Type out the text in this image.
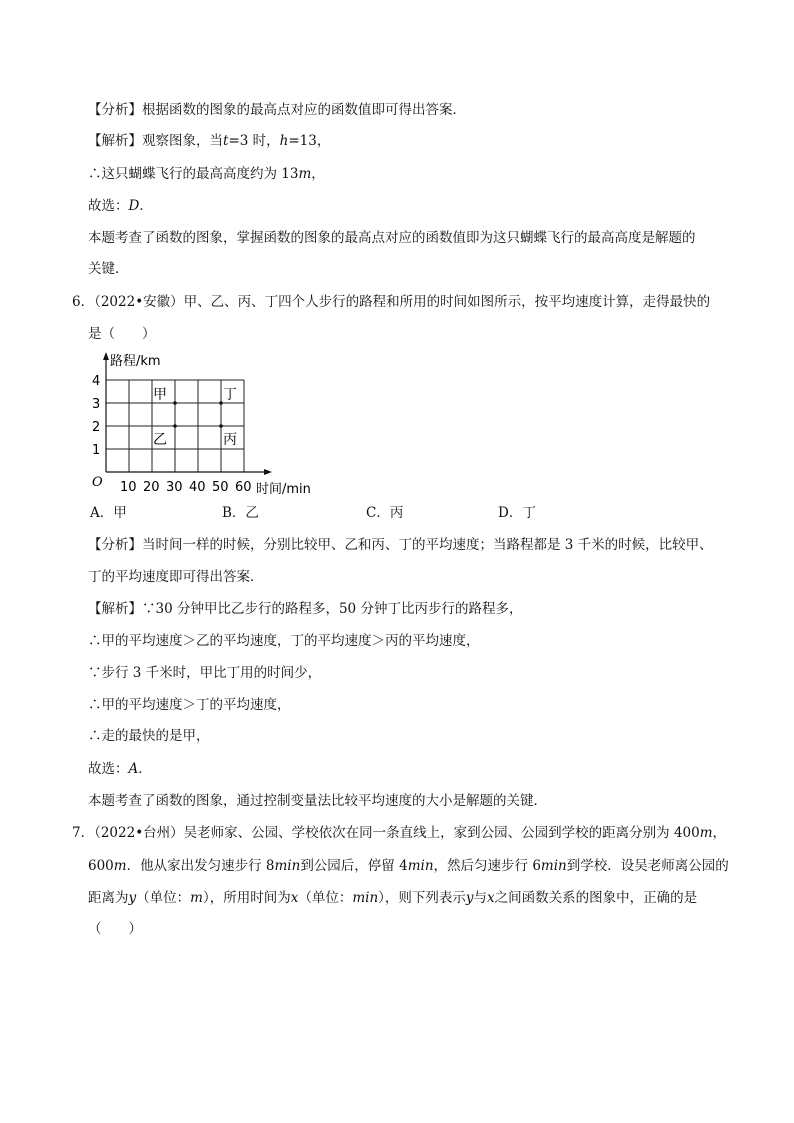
【分析】根据函数的图象的最高点对应的函数值即可得出答案．
【解析】观察图象，当t=3 时，h=13，
∴这只蝴蝶飞行的最高高度约为 13m，
故选：D．
本题考查了函数的图象，掌握函数的图象的最高点对应的函数值即为这只蝴蝶飞行的最高高度是解题的
关键．
6．（2022•安徽）甲、乙、丙、丁四个人步行的路程和所用的时间如图所示，按平均速度计算，走得最快的
是（　　）
路程/km
时间/min
O 10 20 30 40 50 60
1
2
3
4
甲
乙	丙
丁
A．甲	B．乙	C．丙	D．丁
【分析】当时间一样的时候，分别比较甲、乙和丙、丁的平均速度；当路程都是 3 千米的时候，比较甲、
丁的平均速度即可得出答案．
【解析】∵30 分钟甲比乙步行的路程多，50 分钟丁比丙步行的路程多，
∴甲的平均速度＞乙的平均速度，丁的平均速度＞丙的平均速度，
∵步行 3 千米时，甲比丁用的时间少，
∴甲的平均速度＞丁的平均速度，
∴走的最快的是甲，
故选：A．
本题考查了函数的图象，通过控制变量法比较平均速度的大小是解题的关键．
7．（2022•台州）吴老师家、公园、学校依次在同一条直线上，家到公园、公园到学校的距离分别为 400m，
600m．他从家出发匀速步行 8min到公园后，停留 4min，然后匀速步行 6min到学校．设吴老师离公园的
距离为y（单位：m），所用时间为x（单位：min），则下列表示y与x之间函数关系的图象中，正确的是
（　　）
